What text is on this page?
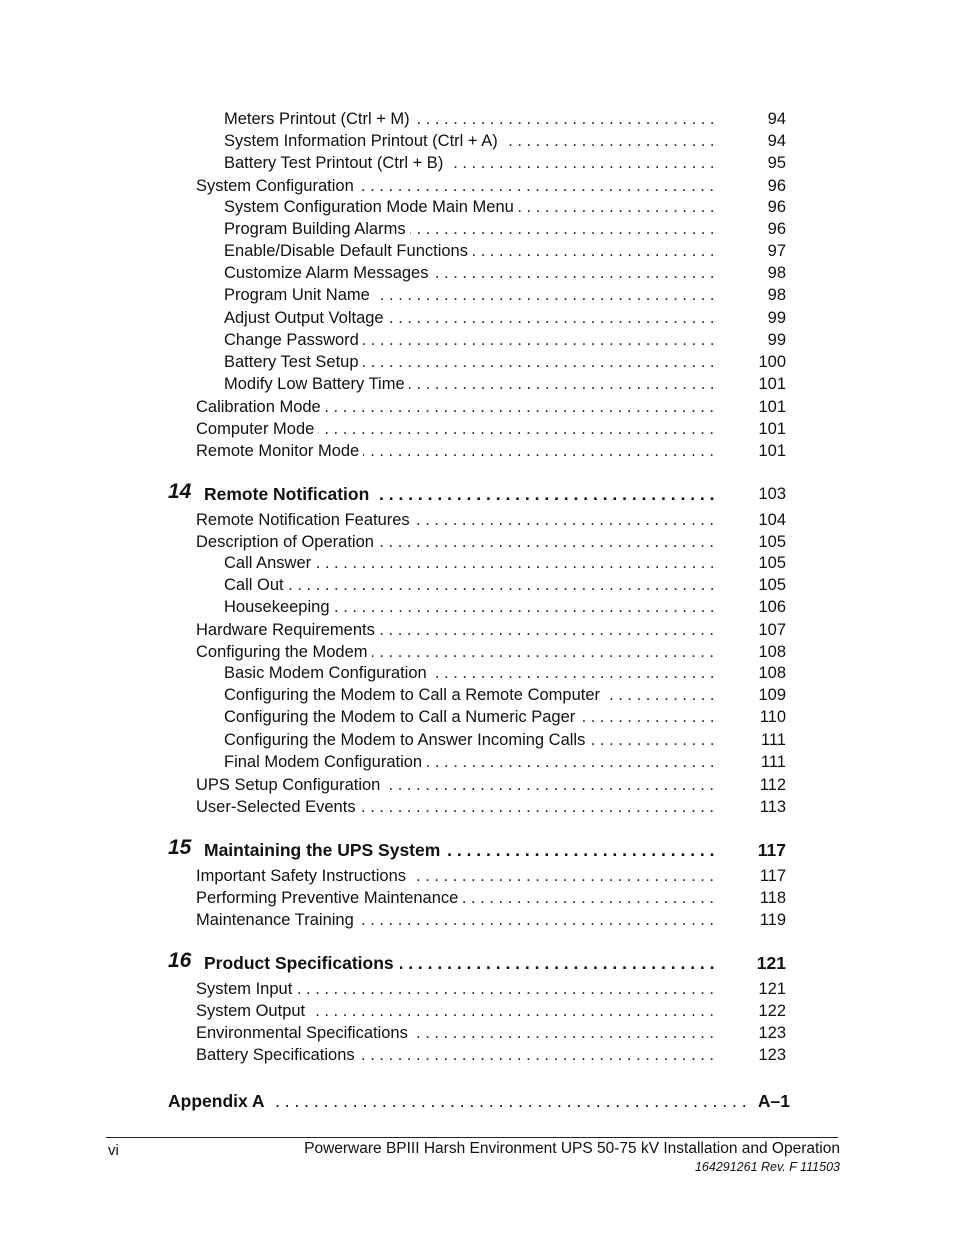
Meters Printout (Ctrl + M) . . .	94
System Information Printout (Ctrl + A) . . .	94
Battery Test Printout (Ctrl + B) . . .	95
System Configuration . . .	96
System Configuration Mode Main Menu . . .	96
Program Building Alarms . . .	96
Enable/Disable Default Functions . . .	97
Customize Alarm Messages . . .	98
Program Unit Name . . .	98
Adjust Output Voltage . . .	99
Change Password . . .	99
Battery Test Setup . . .	100
Modify Low Battery Time . . .	101
Calibration Mode . . .	101
Computer Mode . . .	101
Remote Monitor Mode . . .	101
14 Remote Notification . . .	103
Remote Notification Features . . .	104
Description of Operation . . .	105
Call Answer . . .	105
Call Out . . .	105
Housekeeping . . .	106
Hardware Requirements . . .	107
Configuring the Modem . . .	108
Basic Modem Configuration . . .	108
Configuring the Modem to Call a Remote Computer . . .	109
Configuring the Modem to Call a Numeric Pager . . .	110
Configuring the Modem to Answer Incoming Calls . . .	111
Final Modem Configuration . . .	111
UPS Setup Configuration . . .	112
User-Selected Events . . .	113
15 Maintaining the UPS System . . .	117
Important Safety Instructions . . .	117
Performing Preventive Maintenance . . .	118
Maintenance Training . . .	119
16 Product Specifications . . .	121
System Input . . .	121
System Output . . .	122
Environmental Specifications . . .	123
Battery Specifications . . .	123
Appendix A . . .	A–1
vi	Powerware BPIII Harsh Environment UPS 50‑75 kV Installation and Operation
164291261 Rev. F 111503
